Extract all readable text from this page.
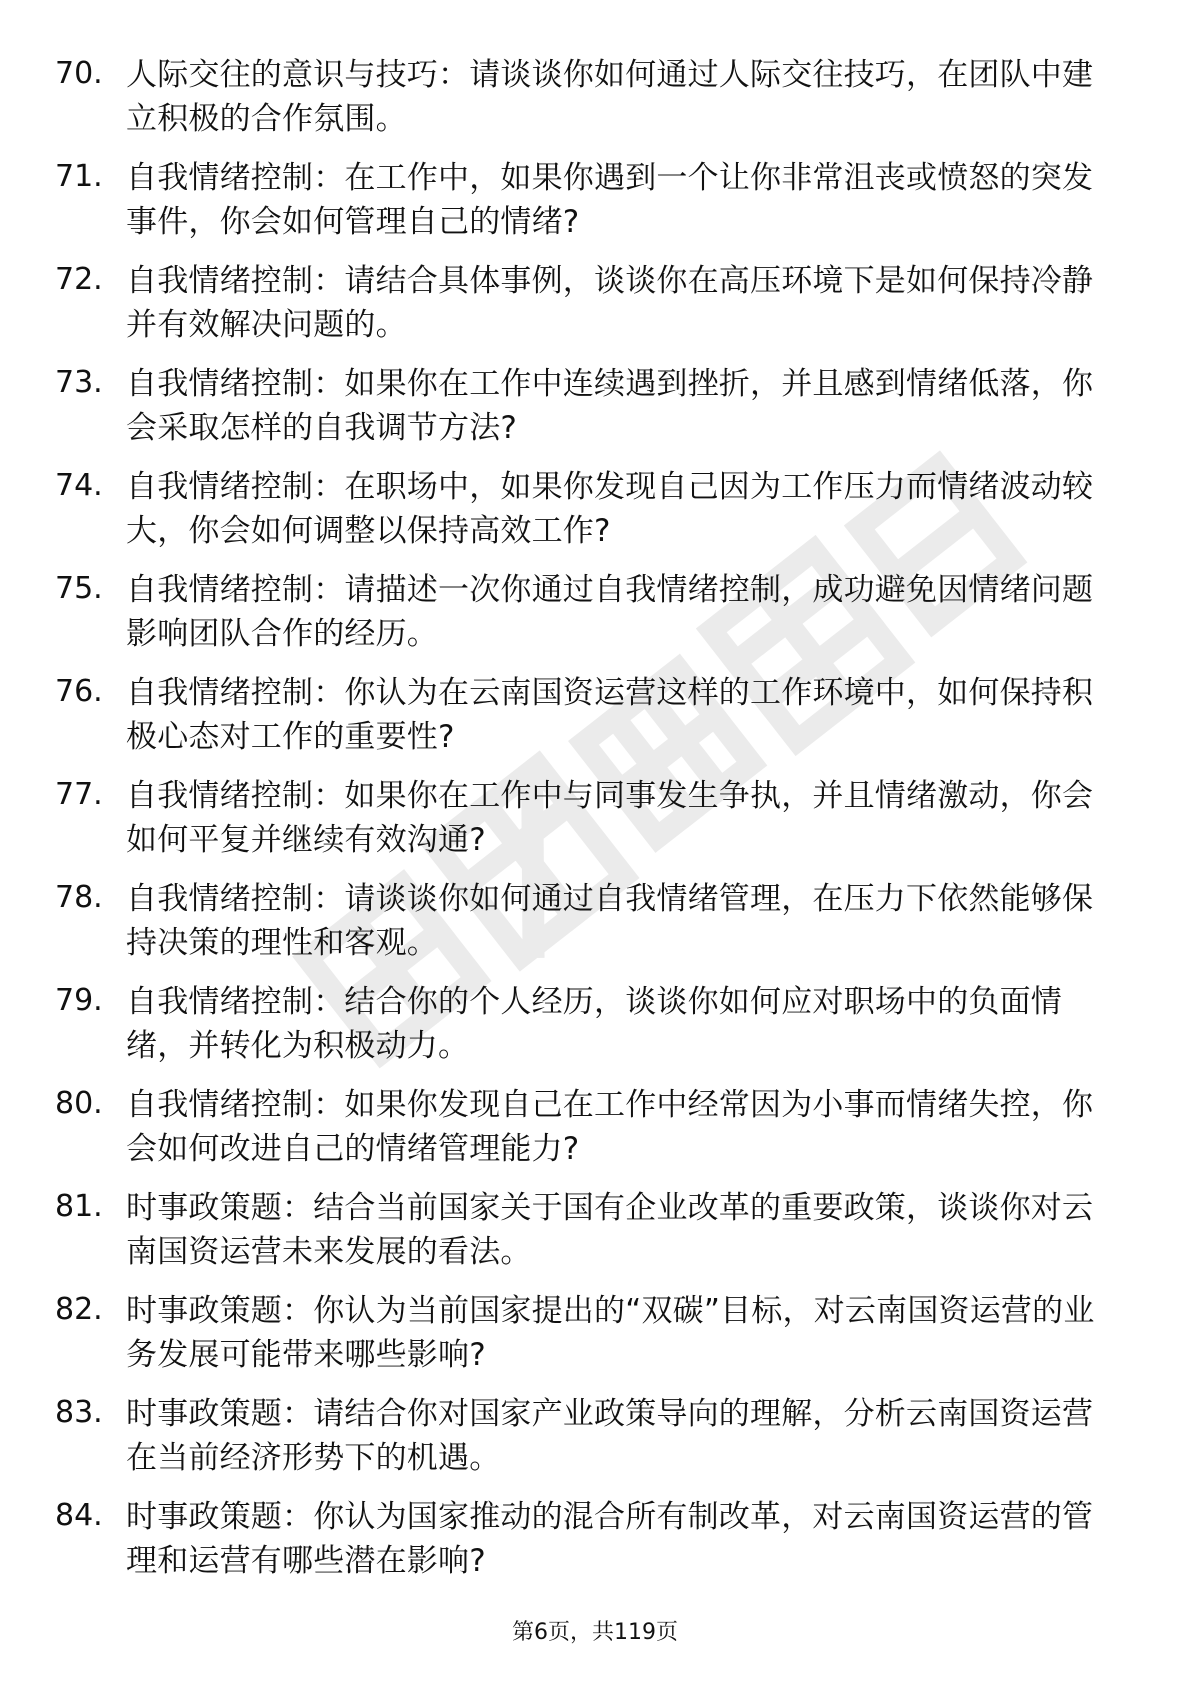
70. 人际交往的意识与技巧：请谈谈你如何通过人际交往技巧，在团队中建立积极的合作氛围。
71. 自我情绪控制：在工作中，如果你遇到一个让你非常沮丧或愤怒的突发事件，你会如何管理自己的情绪?
72. 自我情绪控制：请结合具体事例，谈谈你在高压环境下是如何保持冷静并有效解决问题的。
73. 自我情绪控制：如果你在工作中连续遇到挫折，并且感到情绪低落，你会采取怎样的自我调节方法?
74. 自我情绪控制：在职场中，如果你发现自己因为工作压力而情绪波动较大，你会如何调整以保持高效工作?
75. 自我情绪控制：请描述一次你通过自我情绪控制，成功避免因情绪问题影响团队合作的经历。
76. 自我情绪控制：你认为在云南国资运营这样的工作环境中，如何保持积极心态对工作的重要性?
77. 自我情绪控制：如果你在工作中与同事发生争执，并且情绪激动，你会如何平复并继续有效沟通?
78. 自我情绪控制：请谈谈你如何通过自我情绪管理，在压力下依然能够保持决策的理性和客观。
79. 自我情绪控制：结合你的个人经历，谈谈你如何应对职场中的负面情绪，并转化为积极动力。
80. 自我情绪控制：如果你发现自己在工作中经常因为小事而情绪失控，你会如何改进自己的情绪管理能力?
81. 时事政策题：结合当前国家关于国有企业改革的重要政策，谈谈你对云南国资运营未来发展的看法。
82. 时事政策题：你认为当前国家提出的“双碳”目标，对云南国资运营的业务发展可能带来哪些影响?
83. 时事政策题：请结合你对国家产业政策导向的理解，分析云南国资运营在当前经济形势下的机遇。
84. 时事政策题：你认为国家推动的混合所有制改革，对云南国资运营的管理和运营有哪些潜在影响?
第6页，共119页
